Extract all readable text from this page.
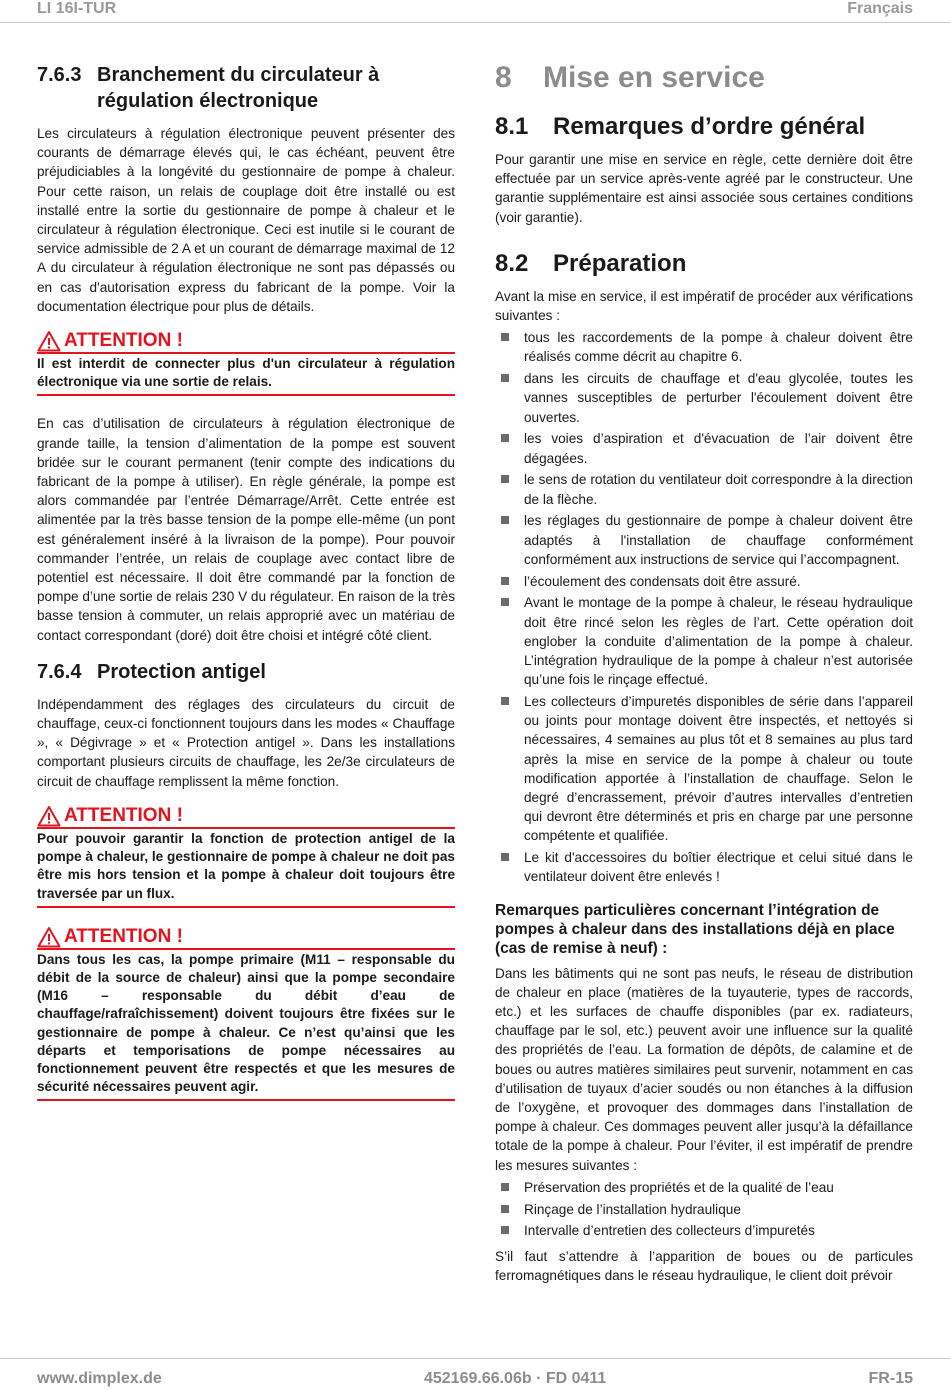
LI 16I-TUR	Français
7.6.3 Branchement du circulateur à régulation électronique

Les circulateurs à régulation électronique peuvent présenter des courants de démarrage élevés qui, le cas échéant, peuvent être préjudiciables à la longévité du gestionnaire de pompe à chaleur. Pour cette raison, un relais de couplage doit être installé ou est installé entre la sortie du gestionnaire de pompe à chaleur et le circulateur à régulation électronique. Ceci est inutile si le courant de service admissible de 2 A et un courant de démarrage maximal de 12 A du circulateur à régulation électronique ne sont pas dépassés ou en cas d'autorisation express du fabricant de la pompe. Voir la documentation électrique pour plus de détails.

ATTENTION !
Il est interdit de connecter plus d'un circulateur à régulation électronique via une sortie de relais.

En cas d’utilisation de circulateurs à régulation électronique de grande taille, la tension d’alimentation de la pompe est souvent bridée sur le courant permanent (tenir compte des indications du fabricant de la pompe à utiliser). En règle générale, la pompe est alors commandée par l’entrée Démarrage/Arrêt. Cette entrée est alimentée par la très basse tension de la pompe elle-même (un pont est généralement inséré à la livraison de la pompe). Pour pouvoir commander l’entrée, un relais de couplage avec contact libre de potentiel est nécessaire. Il doit être commandé par la fonction de pompe d’une sortie de relais 230 V du régulateur. En raison de la très basse tension à commuter, un relais approprié avec un matériau de contact correspondant (doré) doit être choisi et intégré côté client.

7.6.4 Protection antigel

Indépendamment des réglages des circulateurs du circuit de chauffage, ceux-ci fonctionnent toujours dans les modes « Chauffage », « Dégivrage » et « Protection antigel ». Dans les installations comportant plusieurs circuits de chauffage, les 2e/3e circulateurs de circuit de chauffage remplissent la même fonction.

ATTENTION !
Pour pouvoir garantir la fonction de protection antigel de la pompe à chaleur, le gestionnaire de pompe à chaleur ne doit pas être mis hors tension et la pompe à chaleur doit toujours être traversée par un flux.
ATTENTION !
Dans tous les cas, la pompe primaire (M11 – responsable du débit de la source de chaleur) ainsi que la pompe secondaire (M16 – responsable du débit d’eau de chauffage/rafraîchissement) doivent toujours être fixées sur le gestionnaire de pompe à chaleur. Ce n’est qu’ainsi que les départs et temporisations de pompe nécessaires au fonctionnement peuvent être respectés et que les mesures de sécurité nécessaires peuvent agir.
8	Mise en service
8.1	Remarques d’ordre général

Pour garantir une mise en service en règle, cette dernière doit être effectuée par un service après-vente agréé par le constructeur. Une garantie supplémentaire est ainsi associée sous certaines conditions (voir garantie).

8.2	Préparation

Avant la mise en service, il est impératif de procéder aux vérifications suivantes :

tous les raccordements de la pompe à chaleur doivent être réalisés comme décrit au chapitre 6.
dans les circuits de chauffage et d'eau glycolée, toutes les vannes susceptibles de perturber l'écoulement doivent être ouvertes.
les voies d’aspiration et d'évacuation de l’air doivent être dégagées.
le sens de rotation du ventilateur doit correspondre à la direction de la flèche.
les réglages du gestionnaire de pompe à chaleur doivent être adaptés à l'installation de chauffage conformément conformément aux instructions de service qui l’accompagnent.
l’écoulement des condensats doit être assuré.
Avant le montage de la pompe à chaleur, le réseau hydraulique doit être rincé selon les règles de l’art. Cette opération doit englober la conduite d’alimentation de la pompe à chaleur. L’intégration hydraulique de la pompe à chaleur n’est autorisée qu’une fois le rinçage effectué.
Les collecteurs d’impuretés disponibles de série dans l’appareil ou joints pour montage doivent être inspectés, et nettoyés si nécessaires, 4 semaines au plus tôt et 8 semaines au plus tard après la mise en service de la pompe à chaleur ou toute modification apportée à l’installation de chauffage. Selon le degré d’encrassement, prévoir d’autres intervalles d’entretien qui devront être déterminés et pris en charge par une personne compétente et qualifiée.
Le kit d'accessoires du boîtier électrique et celui situé dans le ventilateur doivent être enlevés !
Remarques particulières concernant l’intégration de pompes à chaleur dans des installations déjà en place (cas de remise à neuf) :

Dans les bâtiments qui ne sont pas neufs, le réseau de distribution de chaleur en place (matières de la tuyauterie, types de raccords, etc.) et les surfaces de chauffe disponibles (par ex. radiateurs, chauffage par le sol, etc.) peuvent avoir une influence sur la qualité des propriétés de l’eau. La formation de dépôts, de calamine et de boues ou autres matières similaires peut survenir, notamment en cas d’utilisation de tuyaux d’acier soudés ou non étanches à la diffusion de l’oxygène, et provoquer des dommages dans l’installation de pompe à chaleur. Ces dommages peuvent aller jusqu’à la défaillance totale de la pompe à chaleur. Pour l’éviter, il est impératif de prendre les mesures suivantes :

Préservation des propriétés et de la qualité de l’eau
Rinçage de l’installation hydraulique
Intervalle d’entretien des collecteurs d’impuretés

S’il faut s’attendre à l’apparition de boues ou de particules ferromagnétiques dans le réseau hydraulique, le client doit prévoir

www.dimplex.de	452169.66.06b · FD 0411	FR-15
